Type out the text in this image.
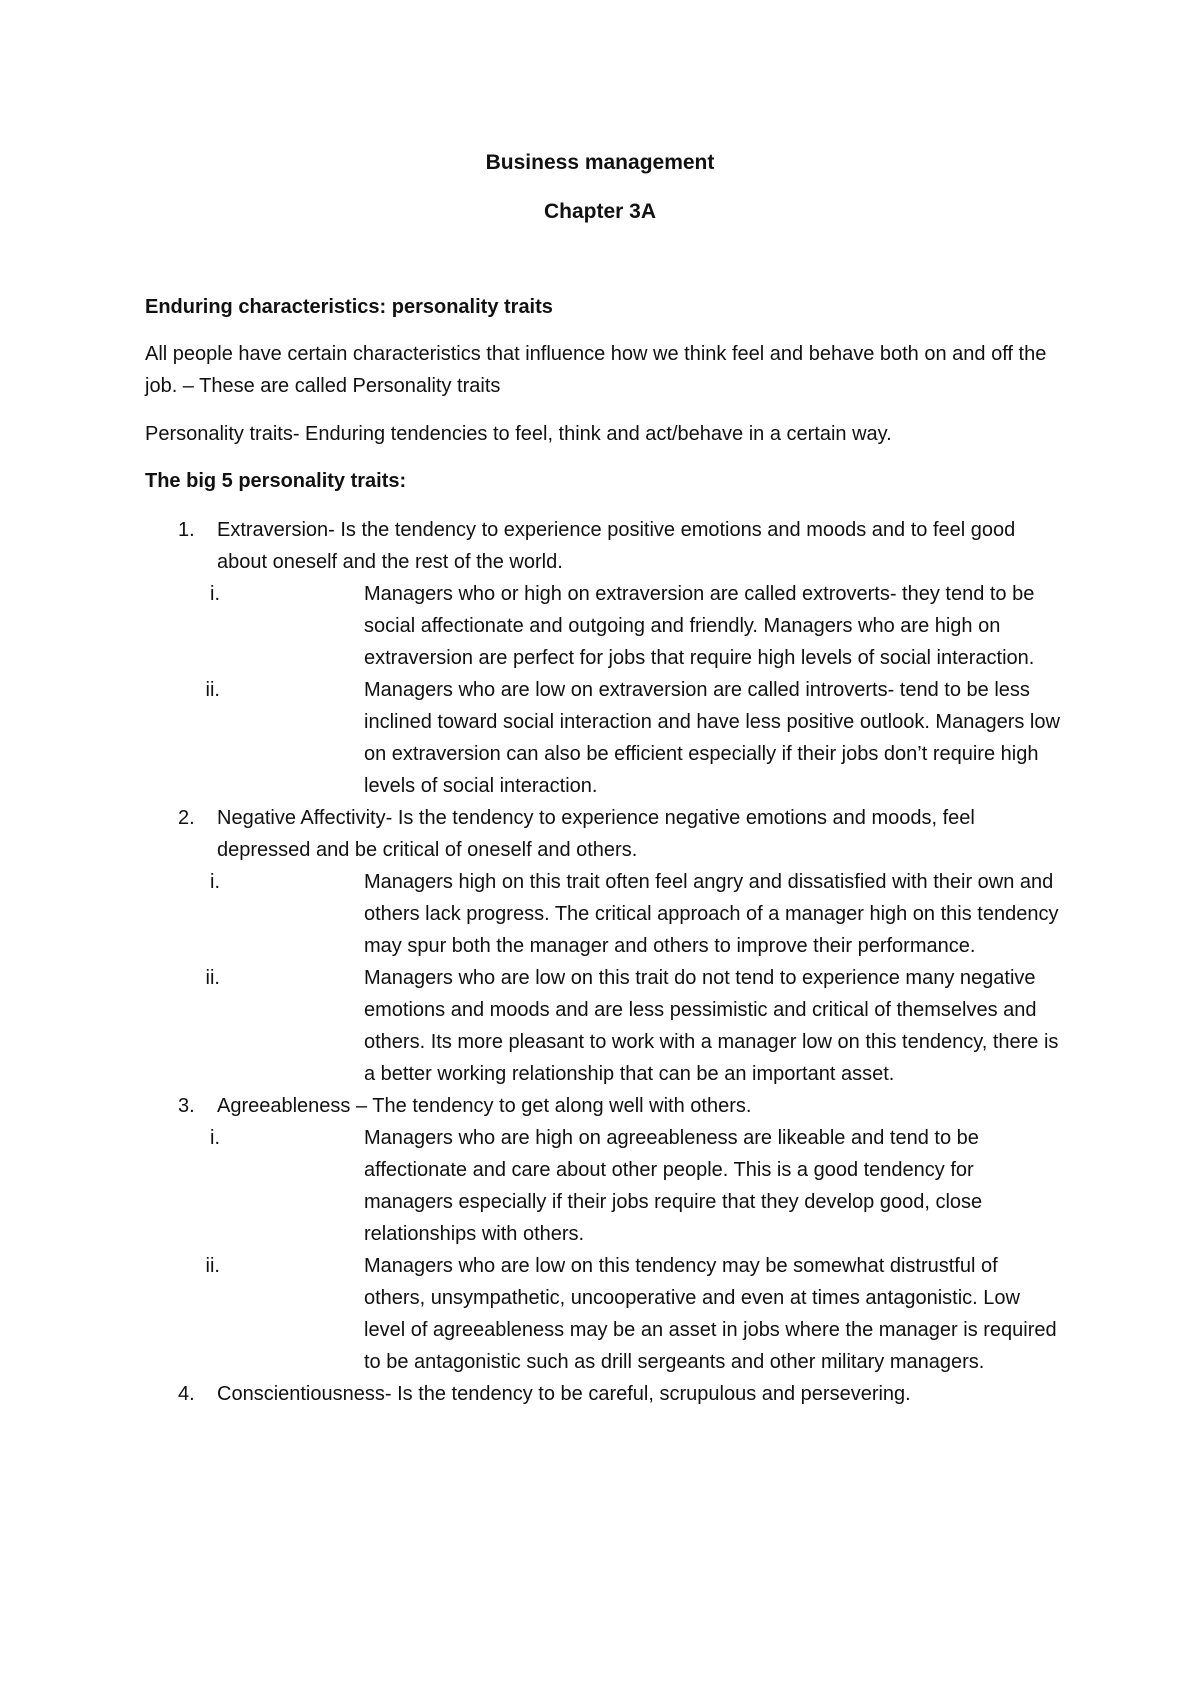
Business management
Chapter 3A
Enduring characteristics: personality traits
All people have certain characteristics that influence how we think feel and behave both on and off the job. – These are called Personality traits
Personality traits- Enduring tendencies to feel, think and act/behave in a certain way.
The big 5 personality traits:
1. Extraversion- Is the tendency to experience positive emotions and moods and to feel good about oneself and the rest of the world.
i.	Managers who or high on extraversion are called extroverts- they tend to be social affectionate and outgoing and friendly. Managers who are high on extraversion are perfect for jobs that require high levels of social interaction.
ii.	Managers who are low on extraversion are called introverts- tend to be less inclined toward social interaction and have less positive outlook. Managers low on extraversion can also be efficient especially if their jobs don’t require high levels of social interaction.
2. Negative Affectivity- Is the tendency to experience negative emotions and moods, feel depressed and be critical of oneself and others.
i.	Managers high on this trait often feel angry and dissatisfied with their own and others lack progress. The critical approach of a manager high on this tendency may spur both the manager and others to improve their performance.
ii.	Managers who are low on this trait do not tend to experience many negative emotions and moods and are less pessimistic and critical of themselves and others. Its more pleasant to work with a manager low on this tendency, there is a better working relationship that can be an important asset.
3. Agreeableness – The tendency to get along well with others.
i.	Managers who are high on agreeableness are likeable and tend to be affectionate and care about other people. This is a good tendency for managers especially if their jobs require that they develop good, close relationships with others.
ii.	Managers who are low on this tendency may be somewhat distrustful of others, unsympathetic, uncooperative and even at times antagonistic. Low level of agreeableness may be an asset in jobs where the manager is required to be antagonistic such as drill sergeants and other military managers.
4. Conscientiousness- Is the tendency to be careful, scrupulous and persevering.
